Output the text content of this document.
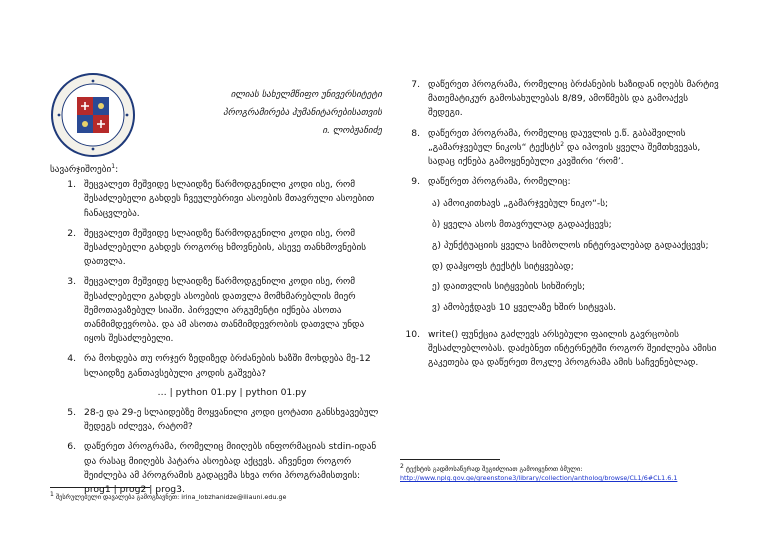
ილიას სახელმწიფო უნივერსიტეტი
პროგრამირება ჰუმანიტარებისათვის
ი. ლობჟანიძე
სავარჯიშოები$^1$:
1. შეცვალეთ მეშვიდე სლაიდზე წარმოდგენილი კოდი ისე, რომ შესაძლებელი გახდეს ჩვეულებრივი ასოების მთავრული ასოებით ჩანაცვლება.
2. შეცვალეთ მეშვიდე სლაიდზე წარმოდგენილი კოდი ისე, რომ შესაძლებელი გახდეს როგორც ხმოვნების, ასევე თანხმოვნების დათვლა.
3. შეცვალეთ მეშვიდე სლაიდზე წარმოდგენილი კოდი ისე, რომ შესაძლებელი გახდეს ასოების დათვლა მომხმარებლის მიერ შემოთავაზებულ სიაში. პირველი არგუმენტი იქნება ასოთა თანმიმდევრობა. და ამ ასოთა თანმიმდევრობის დათვლა უნდა იყოს შესაძლებელი.
4. რა მოხდება თუ ორჯერ ზედიზედ ბრძანების ხაზში მოხდება მე-12 სლაიდზე განთავსებული კოდის გაშვება?
… | python 01.py | python 01.py
5. 28-ე და 29-ე სლაიდებზე მოყვანილი კოდი ცოტათი განსხვავებულ შედეგს იძლევა, რატომ?
6. დაწერეთ პროგრამა, რომელიც მიიღებს ინფორმაციას stdin-იდან და რასაც მიიღებს პატარა ასოებად აქცევს. აჩვენეთ როგორ შეიძლება ამ პროგრამის გადაცემა სხვა ორი პროგრამისთვის: prog1 | prog2 | prog3.
7. დაწერეთ პროგრამა, რომელიც ბრძანების ხაზიდან იღებს მარტივ მათემატიკურ გამოსახულებას 8/89, ამოწმებს და გამოაქვს შედეგი.
8. დაწერეთ პროგრამა, რომელიც დაუვლის ე.წ. გაბაშვილის „გამარჯვებულ ნიკოს“ ტექსტს$^2$ და იპოვის ყველა შემთხვევას, სადაც იქნება გამოყენებული კავშირი ‘რომ’.
9. დაწერეთ პროგრამა, რომელიც:
ა) ამოიკითხავს „გამარჯვებულ ნიკო“-ს;
ბ) ყველა ასოს მთავრულად გადააქცევს;
გ) პუნქტუაციის ყველა სიმბოლოს ინტერვალებად გადააქცევს;
დ) დაჰყოფს ტექსტს სიტყვებად;
ე) დაითვლის სიტყვების სიხშირეს;
ვ) ამობეჭდავს 10 ყველაზე ხშირ სიტყვას.
10. write() ფუნქცია გაძლევს არსებული ფაილის გავრცობის შესაძლებლობას. დაძებნეთ ინტერნეტში როგორ შეიძლება ამისი გაკეთება და დაწერეთ მოკლე პროგრამა ამის საჩვენებლად.
$^1$ შესრულებული დავალება გამოგზავნეთ: irina_lobzhanidze@iliauni.edu.ge
$^2$ ტექსტის გადმოსაწერად შეგიძლიათ გამოიყენოთ ბმული:
http://www.nplg.gov.ge/greenstone3/library/collection/antholog/browse/CL1/6#CL1.6.1
